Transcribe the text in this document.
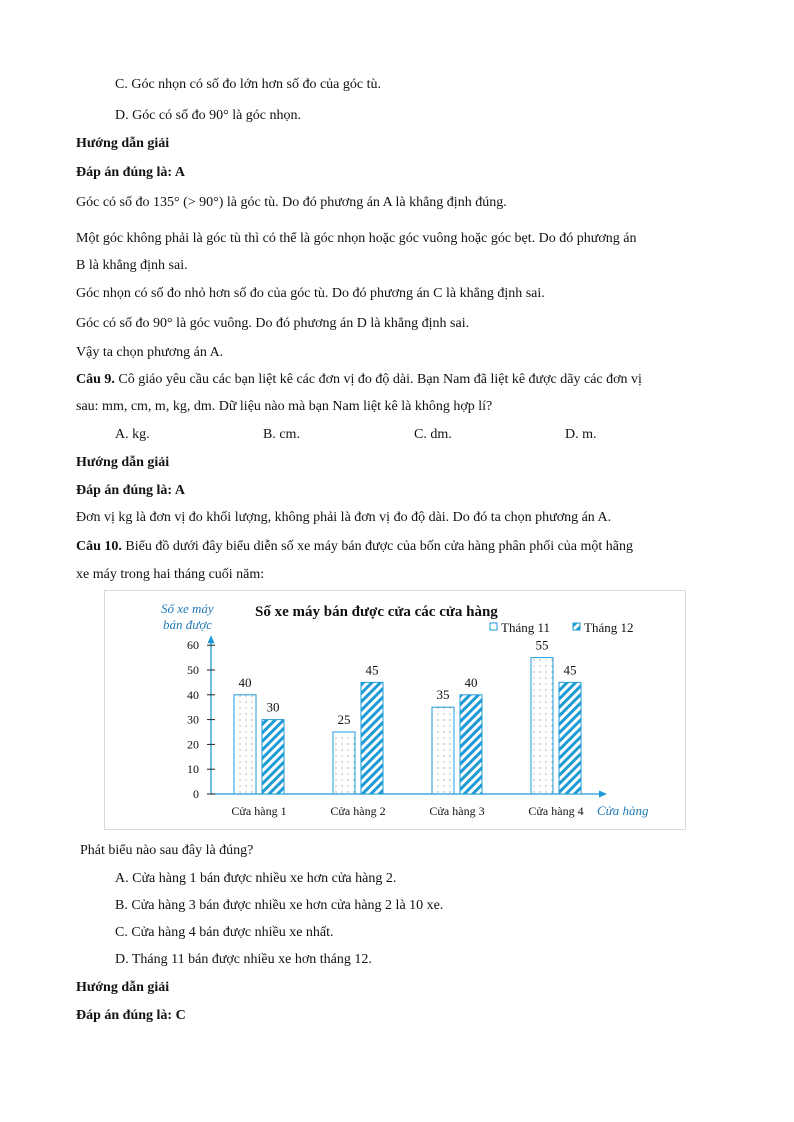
C. Góc nhọn có số đo lớn hơn số đo của góc tù.
D. Góc có số đo 90° là góc nhọn.
Hướng dẫn giải
Đáp án đúng là: A
Góc có số đo 135° (> 90°) là góc tù. Do đó phương án A là khẳng định đúng.
Một góc không phải là góc tù thì có thể là góc nhọn hoặc góc vuông hoặc góc bẹt. Do đó phương án
B là khẳng định sai.
Góc nhọn có số đo nhỏ hơn số đo của góc tù. Do đó phương án C là khẳng định sai.
Góc có số đo 90° là góc vuông. Do đó phương án D là khẳng định sai.
Vậy ta chọn phương án A.
Câu 9. Cô giáo yêu cầu các bạn liệt kê các đơn vị đo độ dài. Bạn Nam đã liệt kê được dãy các đơn vị
sau: mm, cm, m, kg, dm. Dữ liệu nào mà bạn Nam liệt kê là không hợp lí?
A. kg.	B. cm.	C. dm.	D. m.
Hướng dẫn giải
Đáp án đúng là: A
Đơn vị kg là đơn vị đo khối lượng, không phải là đơn vị đo độ dài. Do đó ta chọn phương án A.
Câu 10. Biểu đồ dưới đây biểu diễn số xe máy bán được của bốn cửa hàng phân phối của một hãng
xe máy trong hai tháng cuối năm:
Số xe máy bán được cửa các cửa hàng
Số xe máy
bán được
Cửa hàng
Tháng 11	Tháng 12
0
10
20
30
40
50
60
40
30
Cửa hàng 1
25
45
Cửa hàng 2
35
40
Cửa hàng 3
55
45
Cửa hàng 4
Phát biểu nào sau đây là đúng?
A. Cửa hàng 1 bán được nhiều xe hơn cửa hàng 2.
B. Cửa hàng 3 bán được nhiều xe hơn cửa hàng 2 là 10 xe.
C. Cửa hàng 4 bán được nhiều xe nhất.
D. Tháng 11 bán được nhiều xe hơn tháng 12.
Hướng dẫn giải
Đáp án đúng là: C
